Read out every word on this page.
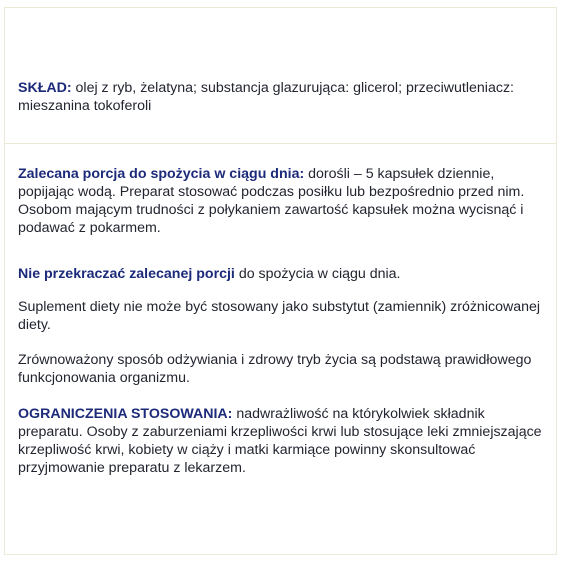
SKŁAD: olej z ryb, żelatyna; substancja glazurująca: glicerol; przeciwutleniacz: mieszanina tokoferoli

Zalecana porcja do spożycia w ciągu dnia: dorośli – 5 kapsułek dziennie, popijając wodą. Preparat stosować podczas posiłku lub bezpośrednio przed nim. Osobom mającym trudności z połykaniem zawartość kapsułek można wycisnąć i podawać z pokarmem.

Nie przekraczać zalecanej porcji do spożycia w ciągu dnia.

Suplement diety nie może być stosowany jako substytut (zamiennik) zróżnicowanej diety.

Zrównoważony sposób odżywiania i zdrowy tryb życia są podstawą prawidłowego funkcjonowania organizmu.

OGRANICZENIA STOSOWANIA: nadwrażliwość na którykolwiek składnik preparatu. Osoby z zaburzeniami krzepliwości krwi lub stosujące leki zmniejszające krzepliwość krwi, kobiety w ciąży i matki karmiące powinny skonsultować przyjmowanie preparatu z lekarzem.
